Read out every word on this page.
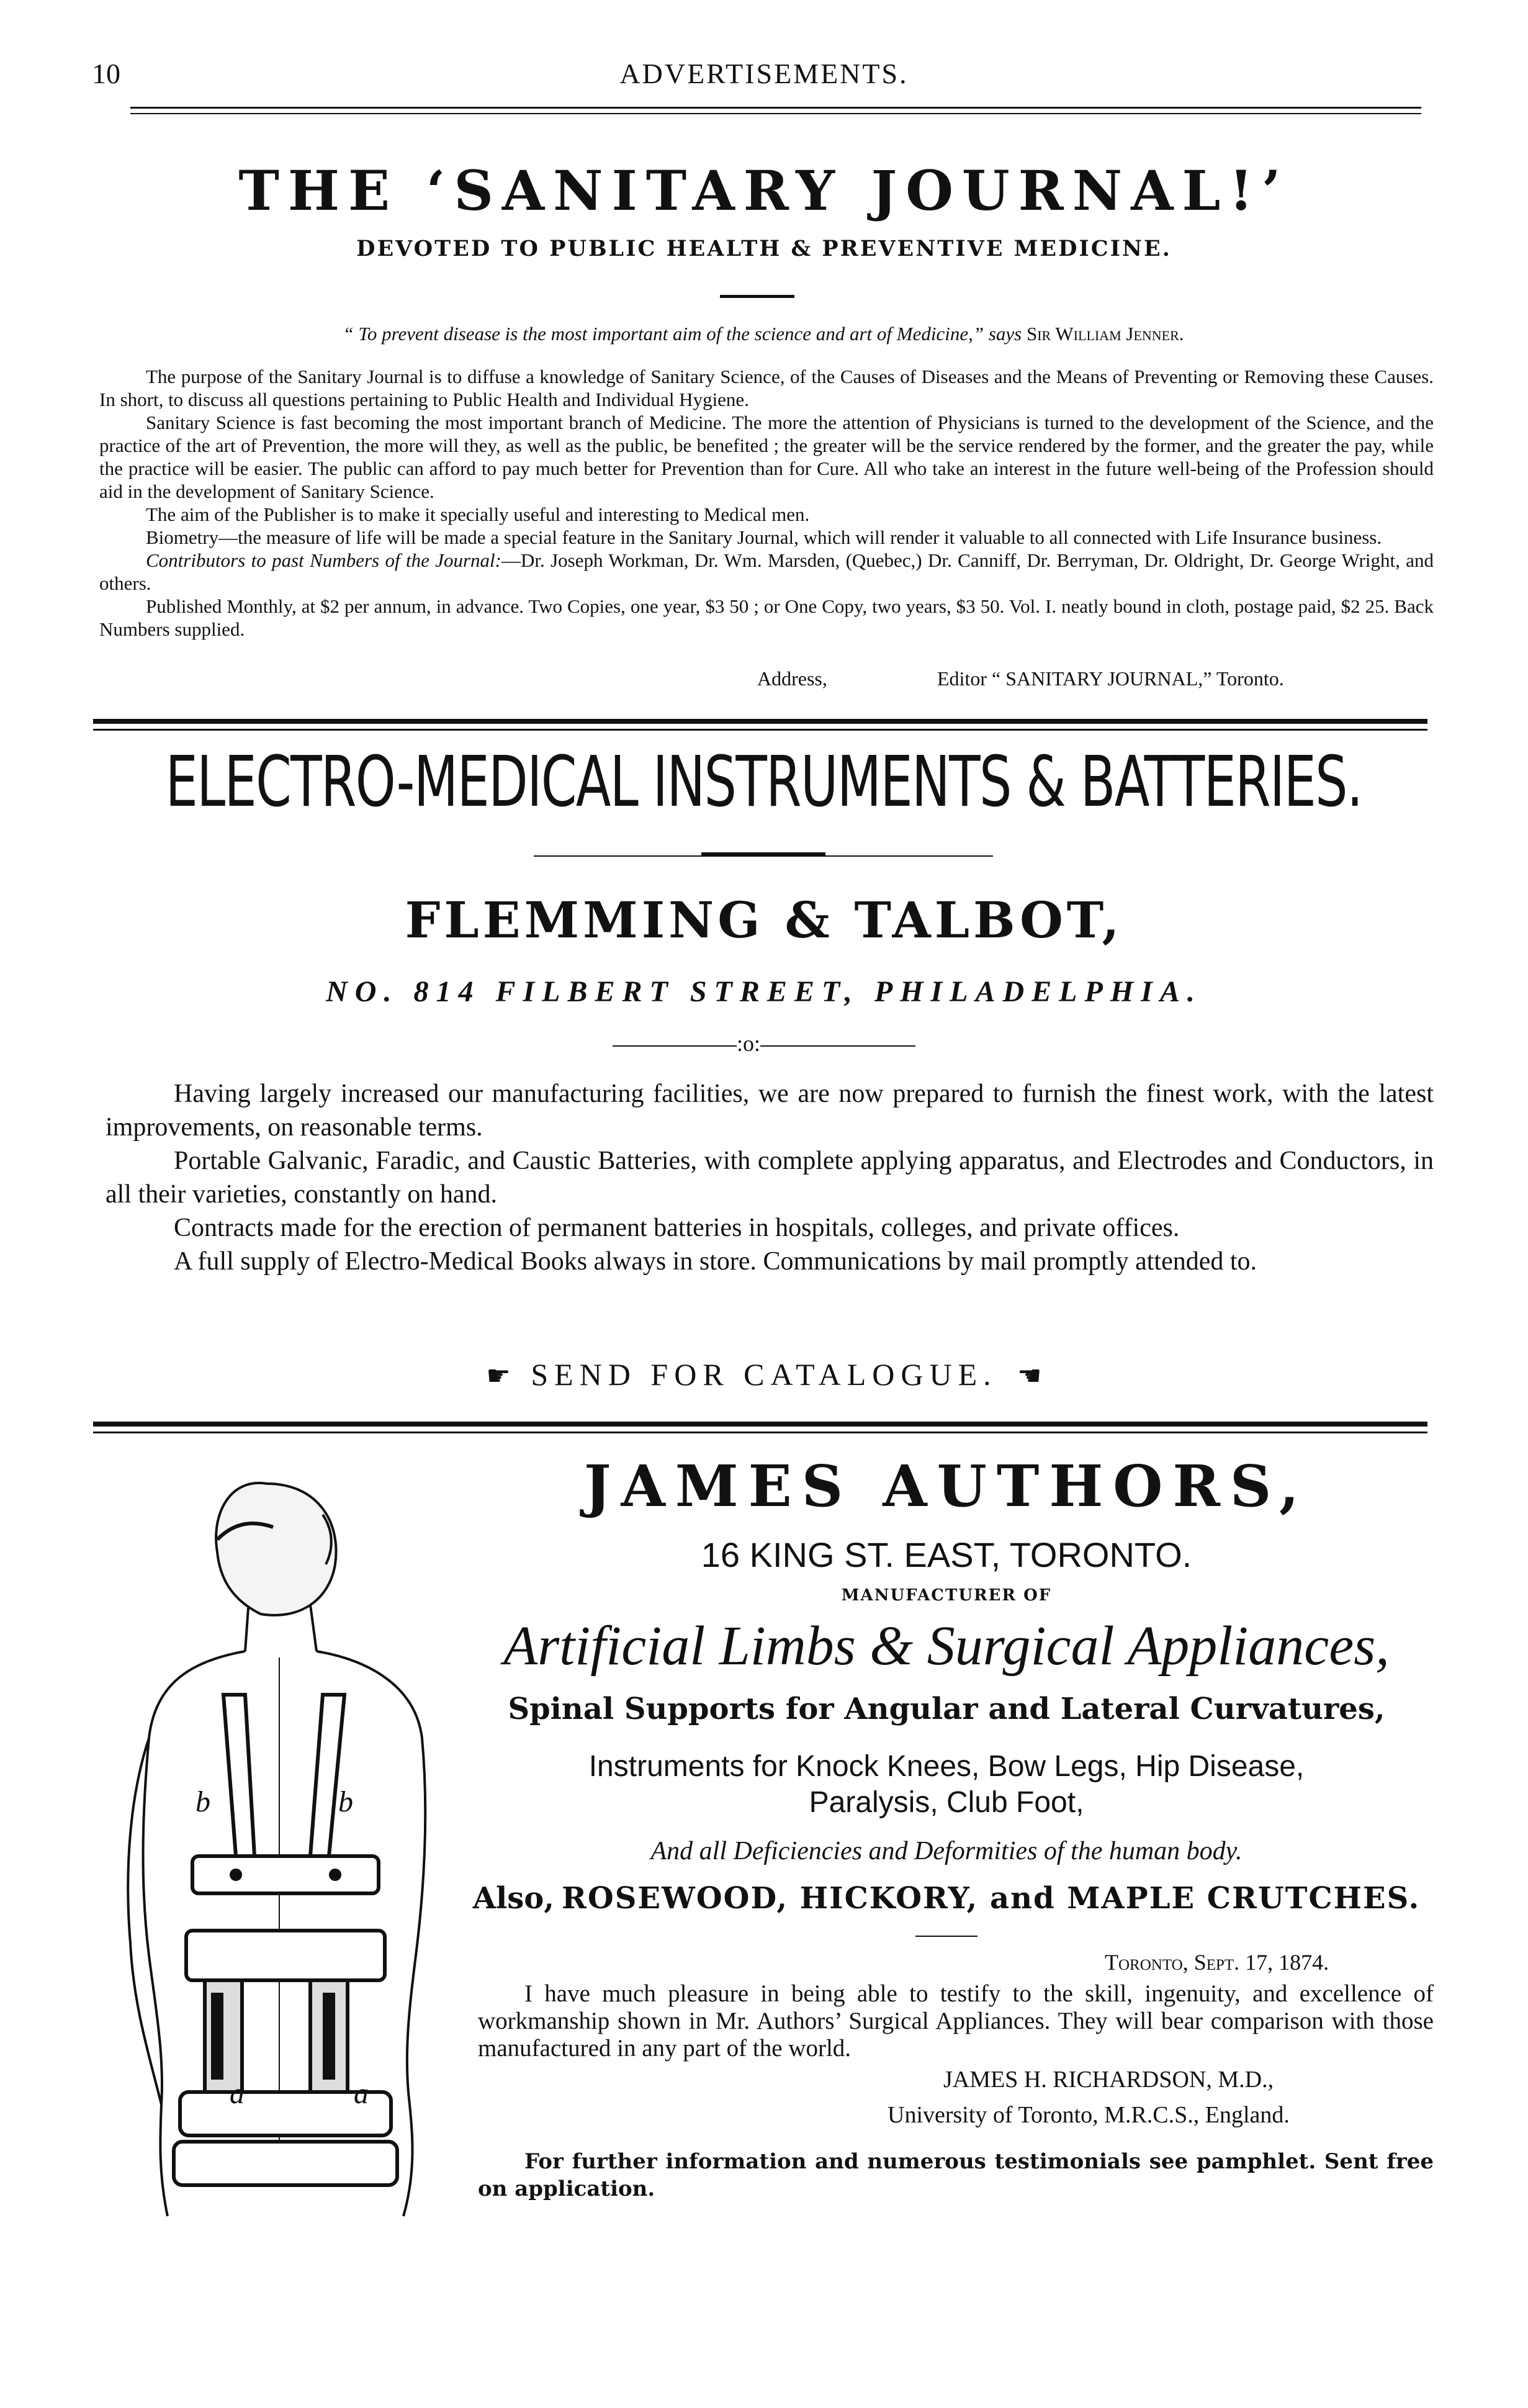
10	ADVERTISEMENTS.
THE ‘SANITARY JOURNAL!’
DEVOTED TO PUBLIC HEALTH & PREVENTIVE MEDICINE.
“ To prevent disease is the most important aim of the science and art of Medicine,” says Sir William Jenner.

The purpose of the Sanitary Journal is to diffuse a knowledge of Sanitary Science, of the Causes of Diseases and the Means of Preventing or Removing these Causes. In short, to discuss all questions pertaining to Public Health and Individual Hygiene.

Sanitary Science is fast becoming the most important branch of Medicine. The more the attention of Physicians is turned to the development of the Science, and the practice of the art of Prevention, the more will they, as well as the public, be benefited ; the greater will be the service rendered by the former, and the greater the pay, while the practice will be easier. The public can afford to pay much better for Prevention than for Cure. All who take an interest in the future well-being of the Profession should aid in the development of Sanitary Science.

The aim of the Publisher is to make it specially useful and interesting to Medical men.

Biometry—the measure of life will be made a special feature in the Sanitary Journal, which will render it valuable to all connected with Life Insurance business.

Contributors to past Numbers of the Journal:—Dr. Joseph Workman, Dr. Wm. Marsden, (Quebec,) Dr. Canniff, Dr. Berryman, Dr. Oldright, Dr. George Wright, and others.

Published Monthly, at $2 per annum, in advance. Two Copies, one year, $3 50 ; or One Copy, two years, $3 50. Vol. I. neatly bound in cloth, postage paid, $2 25. Back Numbers supplied.

Address,	Editor “ SANITARY JOURNAL,” Toronto.
ELECTRO-MEDICAL INSTRUMENTS & BATTERIES.
FLEMMING & TALBOT,
NO. 814 FILBERT STREET, PHILADELPHIA.
:o:

Having largely increased our manufacturing facilities, we are now prepared to furnish the finest work, with the latest improvements, on reasonable terms.

Portable Galvanic, Faradic, and Caustic Batteries, with complete applying apparatus, and Electrodes and Conductors, in all their varieties, constantly on hand.

Contracts made for the erection of permanent batteries in hospitals, colleges, and private offices.

A full supply of Electro-Medical Books always in store. Communications by mail promptly attended to.

☛ SEND FOR CATALOGUE. ☛
b	b
a	a
JAMES AUTHORS,
16 KING ST. EAST, TORONTO.
MANUFACTURER OF
Artificial Limbs & Surgical Appliances,
Spinal Supports for Angular and Lateral Curvatures,
Instruments for Knock Knees, Bow Legs, Hip Disease,
Paralysis, Club Foot,
And all Deficiencies and Deformities of the human body.
Also, ROSEWOOD, HICKORY, and MAPLE CRUTCHES.
Toronto, Sept. 17, 1874.
I have much pleasure in being able to testify to the skill, ingenuity, and excellence of workmanship shown in Mr. Authors’ Surgical Appliances. They will bear comparison with those manufactured in any part of the world.
JAMES H. RICHARDSON, M.D.,
University of Toronto, M.R.C.S., England.
For further information and numerous testimonials see pamphlet. Sent free on application.
